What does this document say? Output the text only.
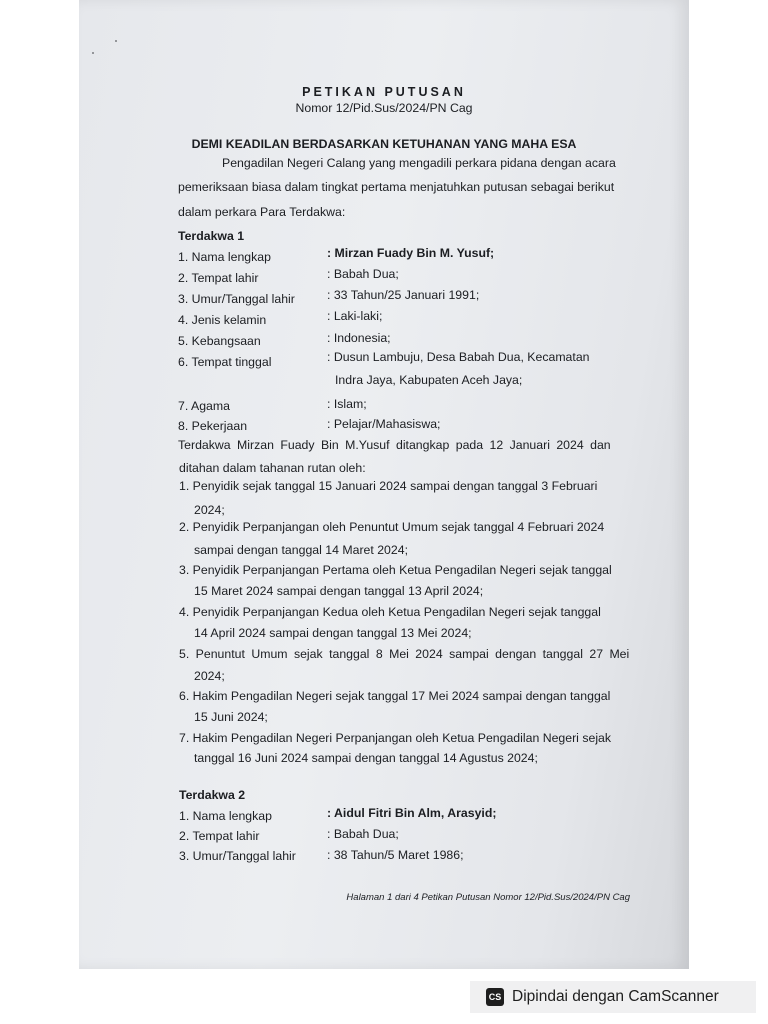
PETIKAN PUTUSAN
Nomor 12/Pid.Sus/2024/PN Cag
DEMI KEADILAN BERDASARKAN KETUHANAN YANG MAHA ESA
Pengadilan Negeri Calang yang mengadili perkara pidana dengan acara
pemeriksaan biasa dalam tingkat pertama menjatuhkan putusan sebagai berikut
dalam perkara Para Terdakwa:
Terdakwa 1
1. Nama lengkap	: Mirzan Fuady Bin M. Yusuf;
2. Tempat lahir	: Babah Dua;
3. Umur/Tanggal lahir	: 33 Tahun/25 Januari 1991;
4. Jenis kelamin	: Laki-laki;
5. Kebangsaan	: Indonesia;
6. Tempat tinggal	: Dusun Lambuju, Desa Babah Dua, Kecamatan
Indra Jaya, Kabupaten Aceh Jaya;
7. Agama	: Islam;
8. Pekerjaan	: Pelajar/Mahasiswa;
Terdakwa Mirzan Fuady Bin M.Yusuf ditangkap pada 12 Januari 2024 dan
ditahan dalam tahanan rutan oleh:
1. Penyidik sejak tanggal 15 Januari 2024 sampai dengan tanggal 3 Februari
2024;
2. Penyidik Perpanjangan oleh Penuntut Umum sejak tanggal 4 Februari 2024
sampai dengan tanggal 14 Maret 2024;
3. Penyidik Perpanjangan Pertama oleh Ketua Pengadilan Negeri sejak tanggal
15 Maret 2024 sampai dengan tanggal 13 April 2024;
4. Penyidik Perpanjangan Kedua oleh Ketua Pengadilan Negeri sejak tanggal
14 April 2024 sampai dengan tanggal 13 Mei 2024;
5. Penuntut Umum sejak tanggal 8 Mei 2024 sampai dengan tanggal 27 Mei
2024;
6. Hakim Pengadilan Negeri sejak tanggal 17 Mei 2024 sampai dengan tanggal
15 Juni 2024;
7. Hakim Pengadilan Negeri Perpanjangan oleh Ketua Pengadilan Negeri sejak
tanggal 16 Juni 2024 sampai dengan tanggal 14 Agustus 2024;
Terdakwa 2
1. Nama lengkap	: Aidul Fitri Bin Alm, Arasyid;
2. Tempat lahir	: Babah Dua;
3. Umur/Tanggal lahir	: 38 Tahun/5 Maret 1986;
Halaman 1 dari 4 Petikan Putusan Nomor 12/Pid.Sus/2024/PN Cag
CS Dipindai dengan CamScanner
